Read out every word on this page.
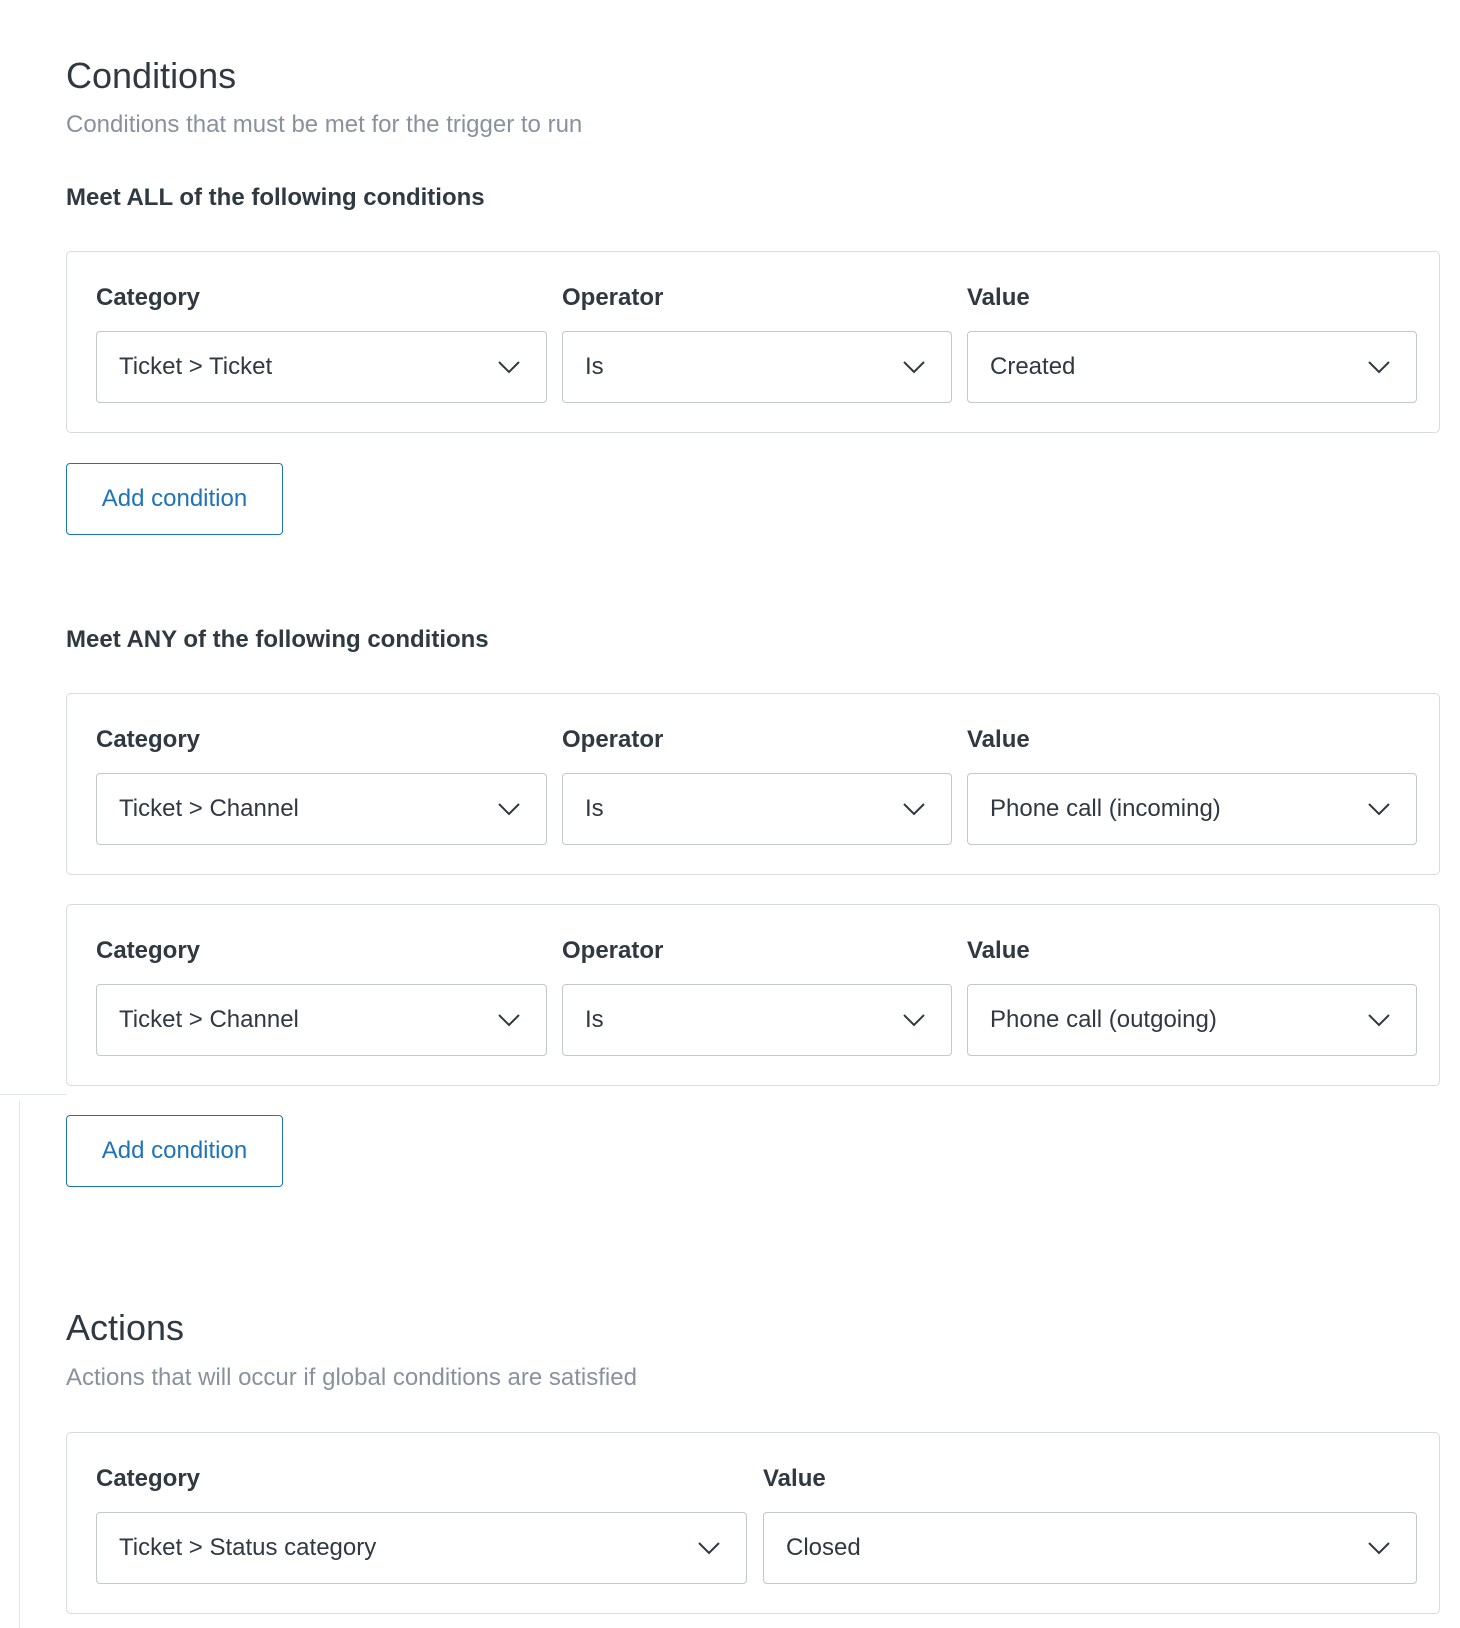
Conditions
Conditions that must be met for the trigger to run
Meet ALL of the following conditions
Category
Ticket > Ticket
Operator
Is
Value
Created
Add condition
Meet ANY of the following conditions
Category
Ticket > Channel
Operator
Is
Value
Phone call (incoming)
Category
Ticket > Channel
Operator
Is
Value
Phone call (outgoing)
Add condition
Actions
Actions that will occur if global conditions are satisfied
Category
Ticket > Status category
Value
Closed
